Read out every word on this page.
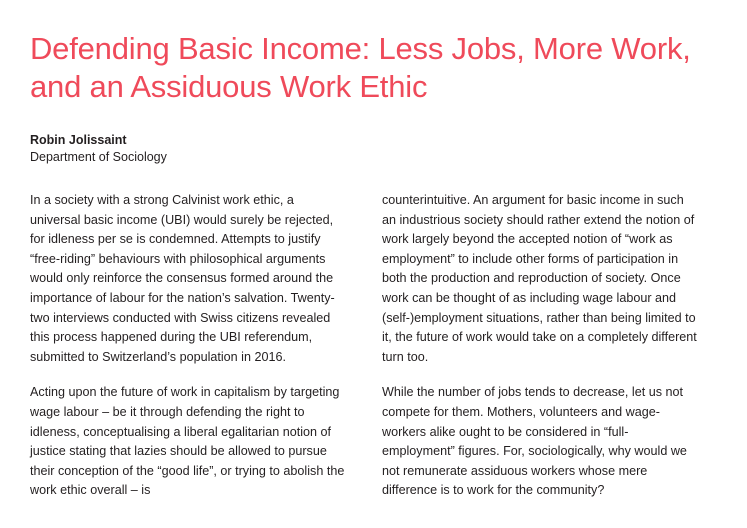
Defending Basic Income: Less Jobs, More Work, and an Assiduous Work Ethic
Robin Jolissaint
Department of Sociology

In a society with a strong Calvinist work ethic, a universal basic income (UBI) would surely be rejected, for idleness per se is condemned. Attempts to justify “free-riding” behaviours with philosophical arguments would only reinforce the consensus formed around the importance of labour for the nation’s salvation. Twenty-two interviews conducted with Swiss citizens revealed this process happened during the UBI referendum, submitted to Switzerland’s population in 2016.

Acting upon the future of work in capitalism by targeting wage labour – be it through defending the right to idleness, conceptualising a liberal egalitarian notion of justice stating that lazies should be allowed to pursue their conception of the “good life”, or trying to abolish the work ethic overall – is

counterintuitive. An argument for basic income in such an industrious society should rather extend the notion of work largely beyond the accepted notion of “work as employment” to include other forms of participation in both the production and reproduction of society. Once work can be thought of as including wage labour and (self-)employment situations, rather than being limited to it, the future of work would take on a completely different turn too.

While the number of jobs tends to decrease, let us not compete for them. Mothers, volunteers and wage-workers alike ought to be considered in “full-employment” figures. For, sociologically, why would we not remunerate assiduous workers whose mere difference is to work for the community?
